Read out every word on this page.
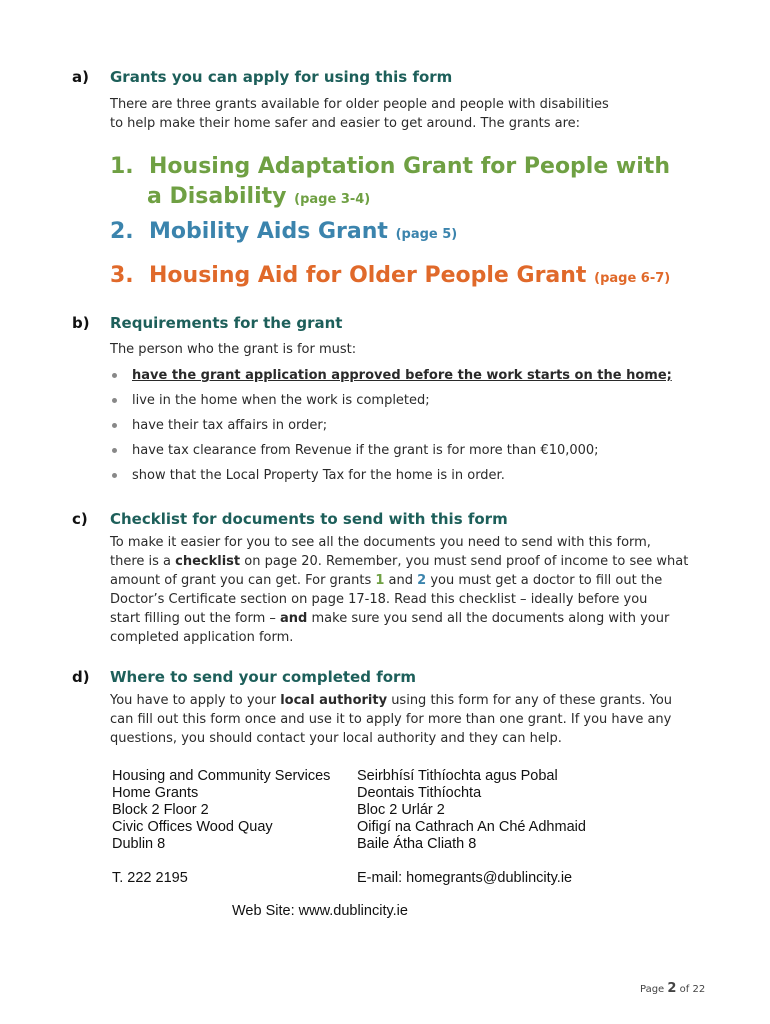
a) Grants you can apply for using this form
There are three grants available for older people and people with disabilities
to help make their home safer and easier to get around. The grants are:
1. Housing Adaptation Grant for People with
a Disability (page 3-4)
2. Mobility Aids Grant (page 5)
3. Housing Aid for Older People Grant (page 6-7)
b) Requirements for the grant
The person who the grant is for must:
have the grant application approved before the work starts on the home;
live in the home when the work is completed;
have their tax affairs in order;
have tax clearance from Revenue if the grant is for more than €10,000;
show that the Local Property Tax for the home is in order.
c) Checklist for documents to send with this form
To make it easier for you to see all the documents you need to send with this form,
there is a checklist on page 20. Remember, you must send proof of income to see what
amount of grant you can get. For grants 1 and 2 you must get a doctor to fill out the
Doctor’s Certificate section on page 17-18. Read this checklist – ideally before you
start filling out the form – and make sure you send all the documents along with your
completed application form.
d) Where to send your completed form
You have to apply to your local authority using this form for any of these grants. You
can fill out this form once and use it to apply for more than one grant. If you have any
questions, you should contact your local authority and they can help.
Housing and Community Services
Home Grants
Block 2 Floor 2
Civic Offices Wood Quay
Dublin 8
Seirbhísí Tithíochta agus Pobal
Deontais Tithíochta
Bloc 2 Urlár 2
Oifigí na Cathrach An Ché Adhmaid
Baile Átha Cliath 8
T. 222 2195	E-mail: homegrants@dublincity.ie
Web Site: www.dublincity.ie
Page 2 of 22
